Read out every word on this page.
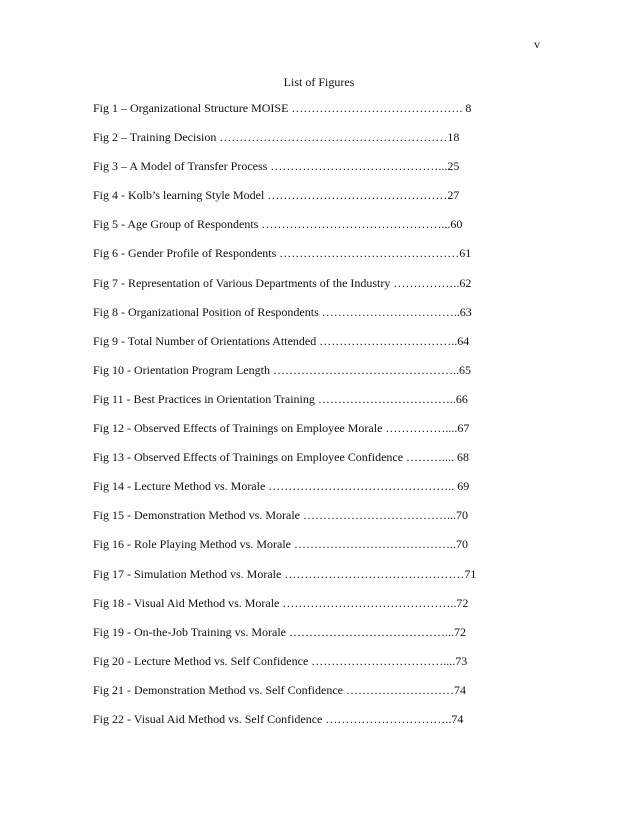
v
List of Figures
Fig 1 – Organizational Structure MOISE ……………………………………. 8
Fig 2 – Training Decision …………………………………………………18
Fig 3 – A Model of Transfer Process ……………………………………...25
Fig 4 - Kolb’s learning Style Model ………………………………………27
Fig 5 - Age Group of Respondents ………………………………………...60
Fig 6 - Gender Profile of Respondents ………………………………………61
Fig 7 - Representation of Various Departments of the Industry ……………..62
Fig 8 - Organizational Position of Respondents ……………………………..63
Fig 9 - Total Number of Orientations Attended ……………………………..64
Fig 10 - Orientation Program Length ………………………………………..65
Fig 11 - Best Practices in Orientation Training ……………………………..66
Fig 12 - Observed Effects of Trainings on Employee Morale ……………....67
Fig 13 - Observed Effects of Trainings on Employee Confidence ……….... 68
Fig 14 - Lecture Method vs. Morale ……………………………………….. 69
Fig 15 - Demonstration Method vs. Morale ………………………………...70
Fig 16 - Role Playing Method vs. Morale …………………………………..70
Fig 17 - Simulation Method vs. Morale ………………………………………71
Fig 18 - Visual Aid Method vs. Morale ……………………………………..72
Fig 19 - On-the-Job Training vs. Morale …………………………………...72
Fig 20 - Lecture Method vs. Self Confidence ……………………………....73
Fig 21 - Demonstration Method vs. Self Confidence ………………………74
Fig 22 - Visual Aid Method vs. Self Confidence …………………………..74
